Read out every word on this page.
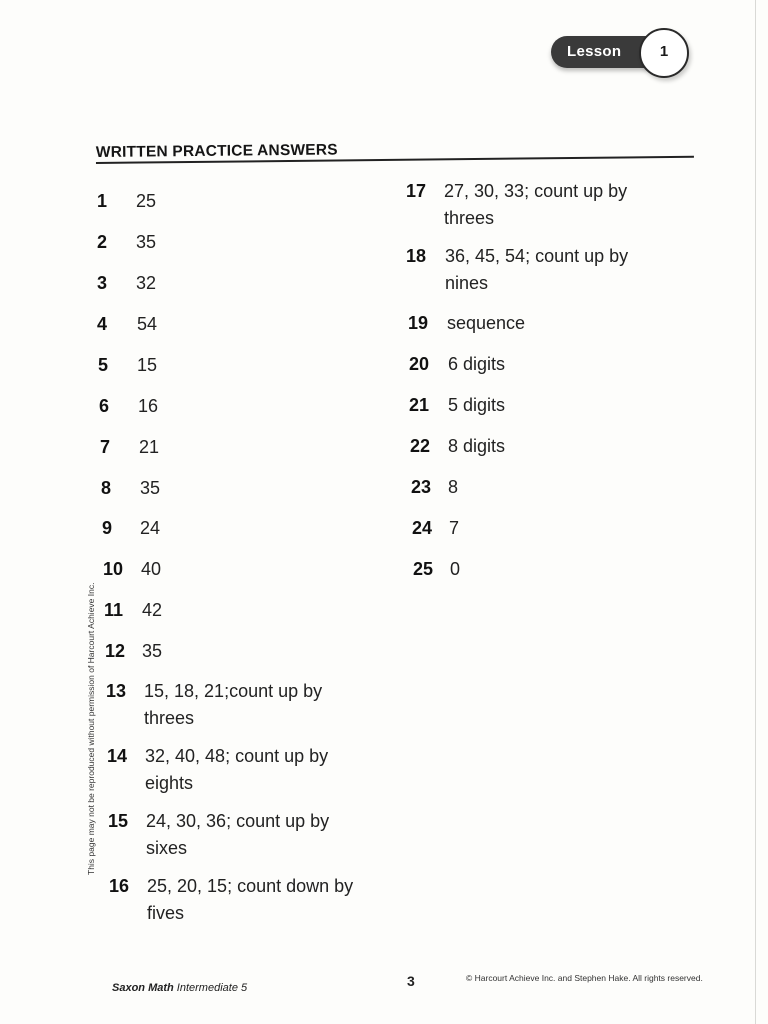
Lesson	1
WRITTEN PRACTICE ANSWERS
1 25
2 35
3 32
4 54
5 15
6 16
7 21
8 35
9 24
10 40
11 42
12 35
13 15, 18, 21;count up by
threes
14 32, 40, 48; count up by
eights
15 24, 30, 36; count up by
sixes
16 25, 20, 15; count down by
fives
17 27, 30, 33; count up by
threes
18 36, 45, 54; count up by
nines
19 sequence
20 6 digits
21 5 digits
22 8 digits
23 8
24 7
25 0
This page may not be reproduced without permission of Harcourt Achieve Inc.
Saxon Math Intermediate 5	3	© Harcourt Achieve Inc. and Stephen Hake. All rights reserved.
